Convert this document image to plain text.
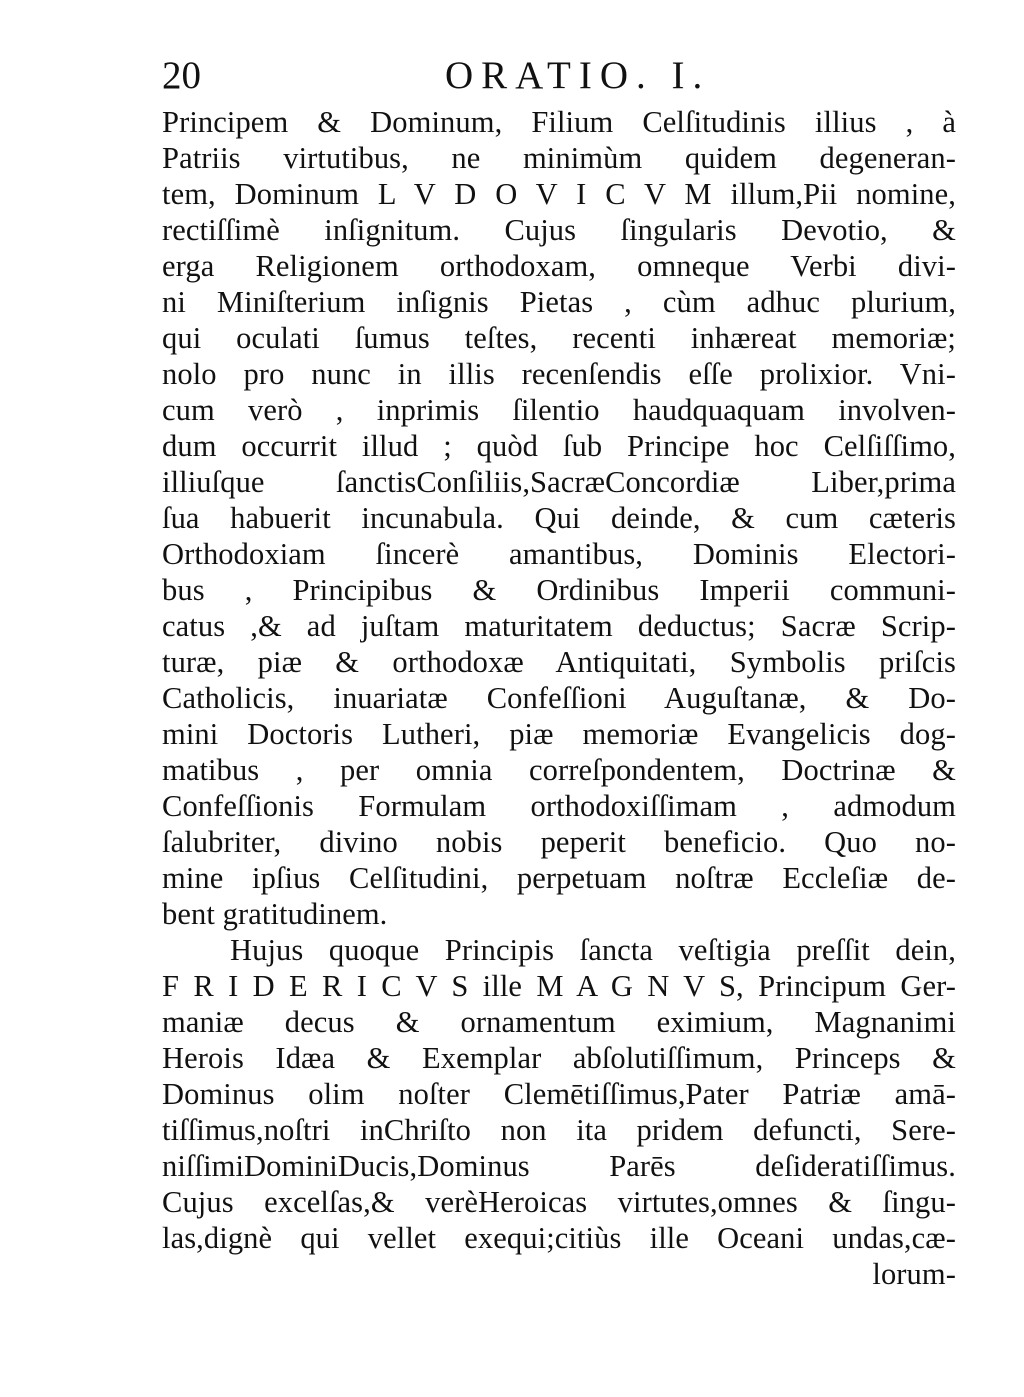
20	ORATIO. I.
Principem & Dominum, Filium Celſitudinis illius , à
Patriis virtutibus, ne minimùm quidem degeneran-
tem, Dominum L V D O V I C V M illum,Pii nomine,
rectiſſimè inſignitum. Cujus ſingularis Devotio, &
erga Religionem orthodoxam, omneque Verbi divi-
ni Miniſterium inſignis Pietas , cùm adhuc plurium,
qui oculati ſumus teſtes, recenti inhæreat memoriæ;
nolo pro nunc in illis recenſendis eſſe prolixior. Vni-
cum verò , inprimis ſilentio haudquaquam involven-
dum occurrit illud ; quòd ſub Principe hoc Celſiſſimo,
illiuſque ſanctisConſiliis,SacræConcordiæ Liber,prima
ſua habuerit incunabula. Qui deinde, & cum cæteris
Orthodoxiam ſincerè amantibus, Dominis Electori-
bus , Principibus & Ordinibus Imperii communi-
catus ,& ad juſtam maturitatem deductus; Sacræ Scrip-
turæ, piæ & orthodoxæ Antiquitati, Symbolis priſcis
Catholicis, inuariatæ Confeſſioni Auguſtanæ, & Do-
mini Doctoris Lutheri, piæ memoriæ Evangelicis dog-
matibus , per omnia correſpondentem, Doctrinæ &
Confeſſionis Formulam orthodoxiſſimam , admodum
ſalubriter, divino nobis peperit beneficio. Quo no-
mine ipſius Celſitudini, perpetuam noſtræ Eccleſiæ de-
bent gratitudinem.
Hujus quoque Principis ſancta veſtigia preſſit dein,
F R I D E R I C V S ille M A G N V S, Principum Ger-
maniæ decus & ornamentum eximium, Magnanimi
Herois Idæa & Exemplar abſolutiſſimum, Princeps &
Dominus olim noſter Clemētiſſimus,Pater Patriæ amā-
tiſſimus,noſtri inChriſto non ita pridem defuncti, Sere-
niſſimiDominiDucis,Dominus Parēs deſideratiſſimus.
Cujus excelſas,& verèHeroicas virtutes,omnes & ſingu-
las,dignè qui vellet exequi;citiùs ille Oceani undas,cæ-
lorum-
